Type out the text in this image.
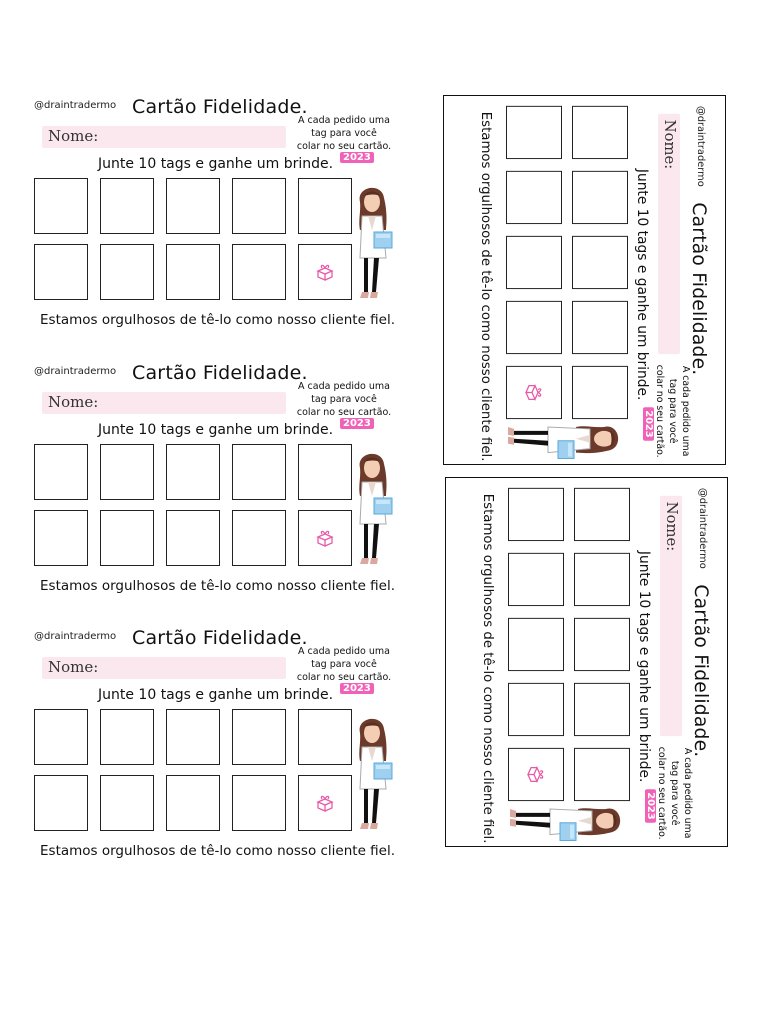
@draintradermo Cartão Fidelidade.
Nome:
A cada pedido uma
tag para você
colar no seu cartão.
2023
Junte 10 tags e ganhe um brinde.
Estamos orgulhosos de tê-lo como nosso cliente fiel.
@draintradermo Cartão Fidelidade.
Nome:
A cada pedido uma
tag para você
colar no seu cartão.
2023
Junte 10 tags e ganhe um brinde.
Estamos orgulhosos de tê-lo como nosso cliente fiel.
@draintradermo Cartão Fidelidade.
Nome:
A cada pedido uma
tag para você
colar no seu cartão.
2023
Junte 10 tags e ganhe um brinde.
Estamos orgulhosos de tê-lo como nosso cliente fiel.
@draintradermo
Cartão Fidelidade.
Nome:
A cada pedido uma
tag para você
colar no seu cartão.
2023
Junte 10 tags e ganhe um brinde.
Estamos orgulhosos de tê-lo como nosso cliente fiel.
@draintradermo
Cartão Fidelidade.
Nome:
A cada pedido uma
tag para você
colar no seu cartão.
2023
Junte 10 tags e ganhe um brinde.
Estamos orgulhosos de tê-lo como nosso cliente fiel.
